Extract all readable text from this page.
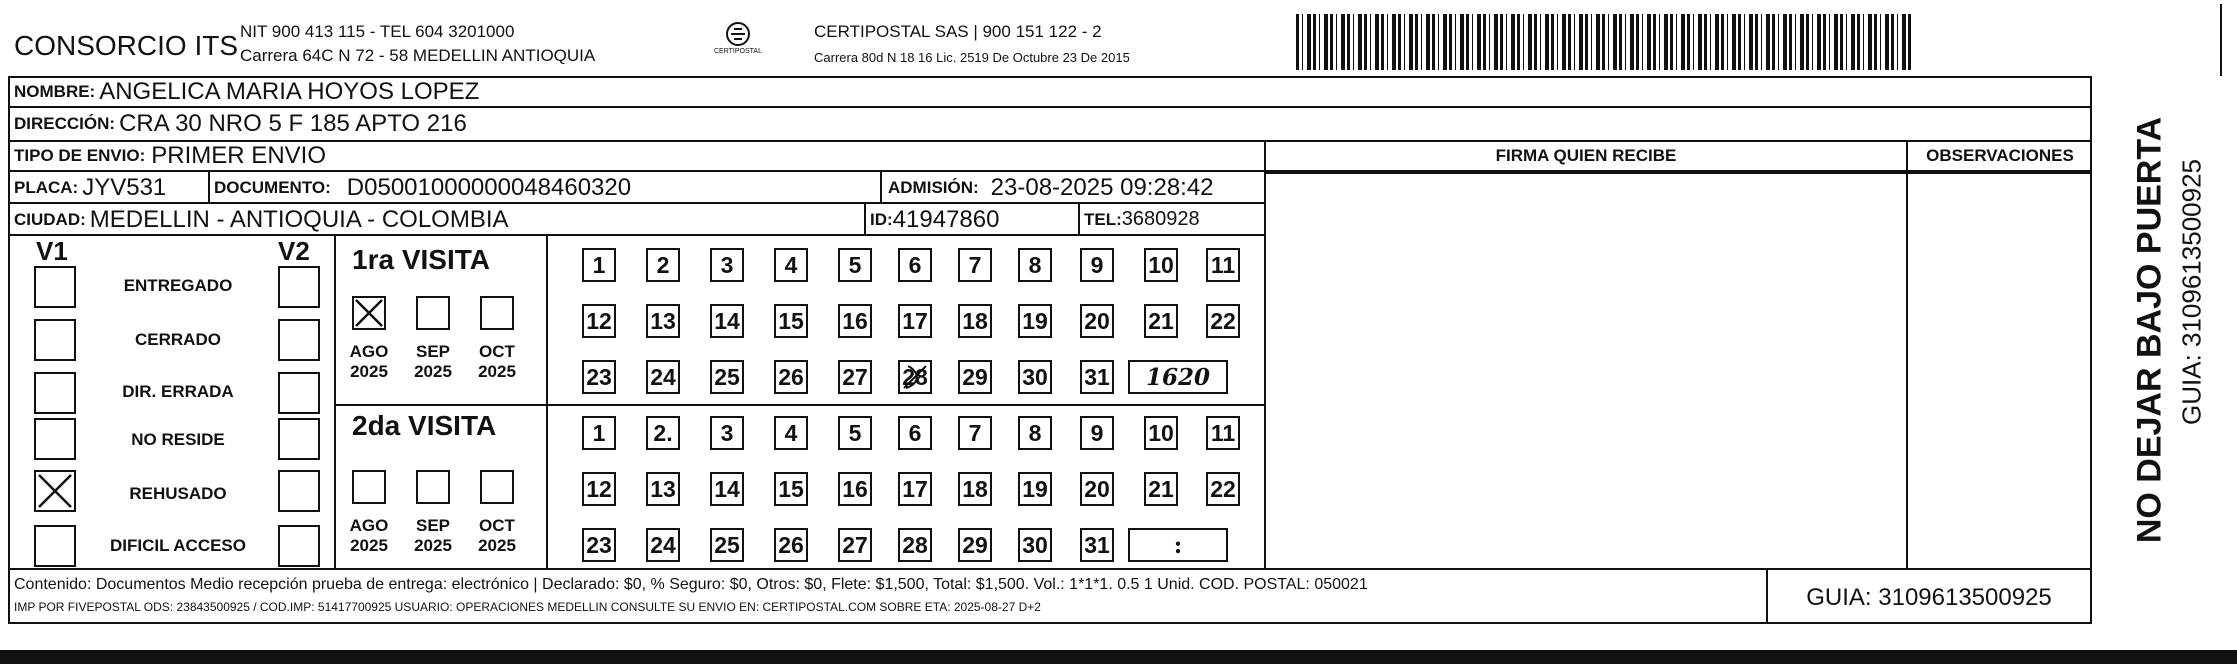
CONSORCIO ITS NIT 900 413 115 - TEL 604 3201000
Carrera 64C N 72 - 58 MEDELLIN ANTIOQUIA	CERTIPOSTAL
CERTIPOSTAL SAS | 900 151 122 - 2
Carrera 80d N 18 16 Lic. 2519 De Octubre 23 De 2015
NOMBRE: ANGELICA MARIA HOYOS LOPEZ
DIRECCIÓN: CRA 30 NRO 5 F 185 APTO 216
TIPO DE ENVIO: PRIMER ENVIO
PLACA: JYV531	DOCUMENTO: D050010000000484603​20	ADMISIÓN: 23-08-2025 09:28:42
CIUDAD: MEDELLIN - ANTIOQUIA - COLOMBIA	ID: 41947860	TEL: 3680928
FIRMA QUIEN RECIBE	OBSERVACIONES
V1	V2
ENTREGADO
CERRADO
DIR. ERRADA
NO RESIDE
REHUSADO
DIFICIL ACCESO
1ra VISITA
AGO
2025
SEP
2025
OCT
2025
2da VISITA
AGO
2025
SEP
2025
OCT
2025
1	2	3	4	5	6	7	8	9	10 11
12 13 14 15 16 17 18 19 20 21 22
23 24 25 26 27 28 29 30 31	1620
1	2.	3	4	5	6	7	8	9	10 11
12 13 14 15 16 17 18 19 20 21 22
23 24 25 26 27 28 29 30 31	:
Contenido: Documentos Medio recepción prueba de entrega: electrónico | Declarado: $0, % Seguro: $0, Otros: $0, Flete: $1,500, Total: $1,500. Vol.: 1*1*1. 0.5 1 Unid. COD. POSTAL: 050021
IMP POR FIVEPOSTAL ODS: 23843500925 / COD.IMP: 51417700925 USUARIO: OPERACIONES MEDELLIN CONSULTE SU ENVIO EN: CERTIPOSTAL.COM SOBRE ETA: 2025-08-27 D+2	GUIA: 3109613500925
NO DEJAR BAJO PUERTA GUIA: 3109613500925
